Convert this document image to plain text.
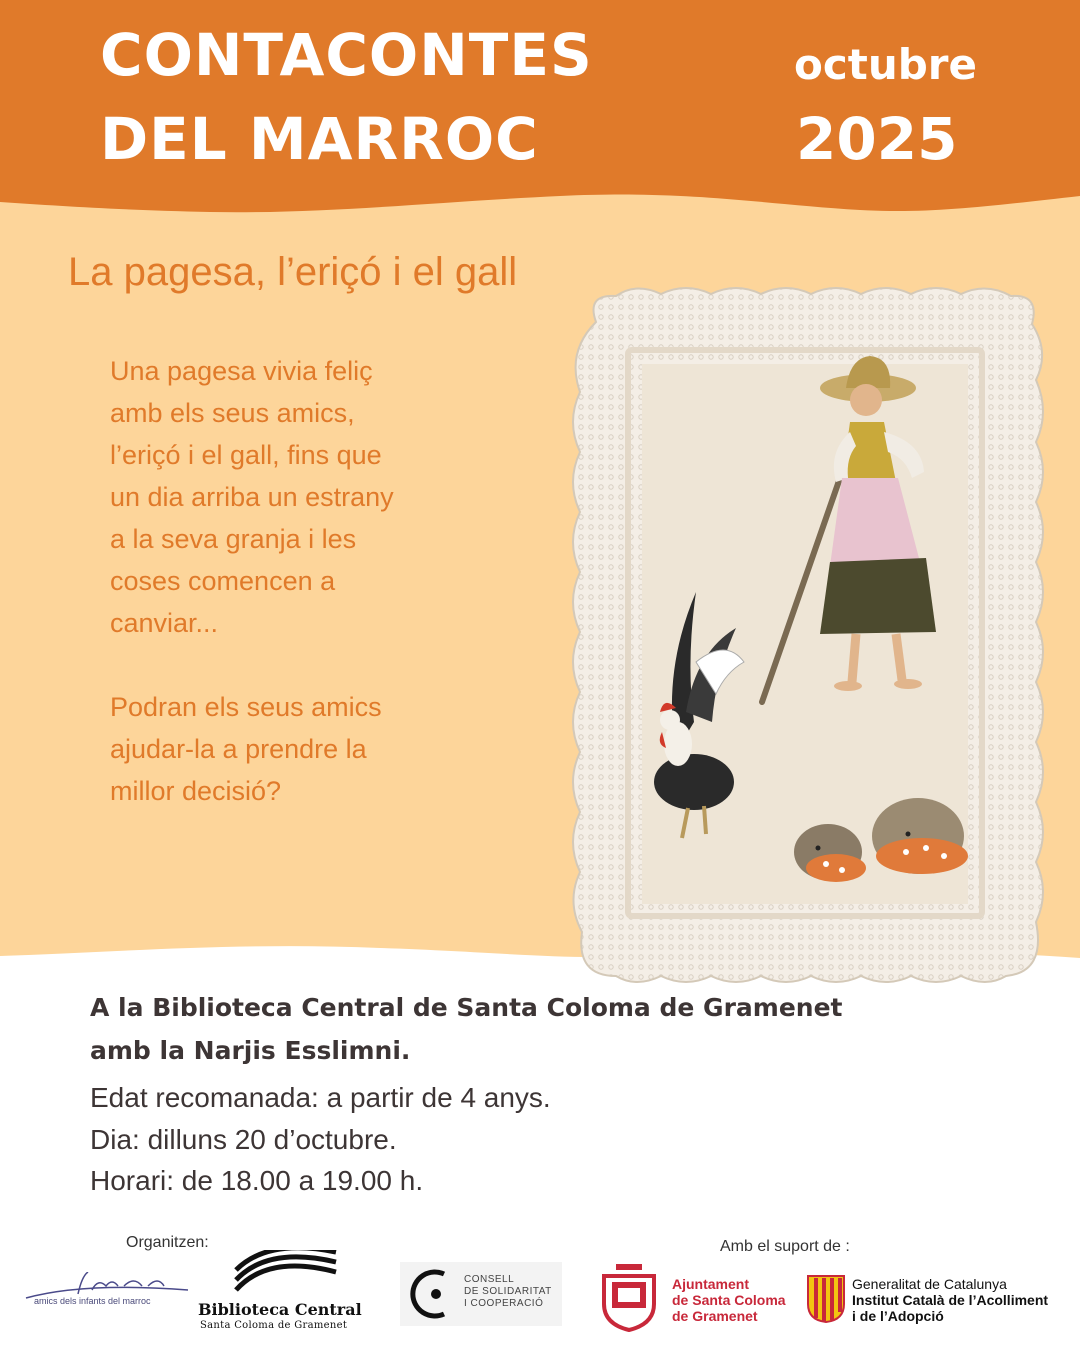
CONTACONTES
DEL MARROC
octubre
2025
La pagesa, l’eriçó i el gall
Una pagesa vivia feliç
amb els seus amics,
l’eriçó i el gall, fins que
un dia arriba un estrany
a la seva granja i les
coses comencen a
canviar...
Podran els seus amics
ajudar-la a prendre la
millor decisió?
A la Biblioteca Central de Santa Coloma de Gramenet
amb la Narjis Esslimni.
Edat recomanada: a partir de 4 anys.
Dia: dilluns 20 d’octubre.
Horari: de 18.00 a 19.00 h.
Organitzen:	Amb el suport de :
amics dels infants del marroc	Biblioteca Central
Santa Coloma de Gramenet
CONSELL
DE SOLIDARITAT
I COOPERACIÓ
Ajuntament
de Santa Coloma
de Gramenet
Generalitat de Catalunya
Institut Català de l’Acolliment
i de l’Adopció
